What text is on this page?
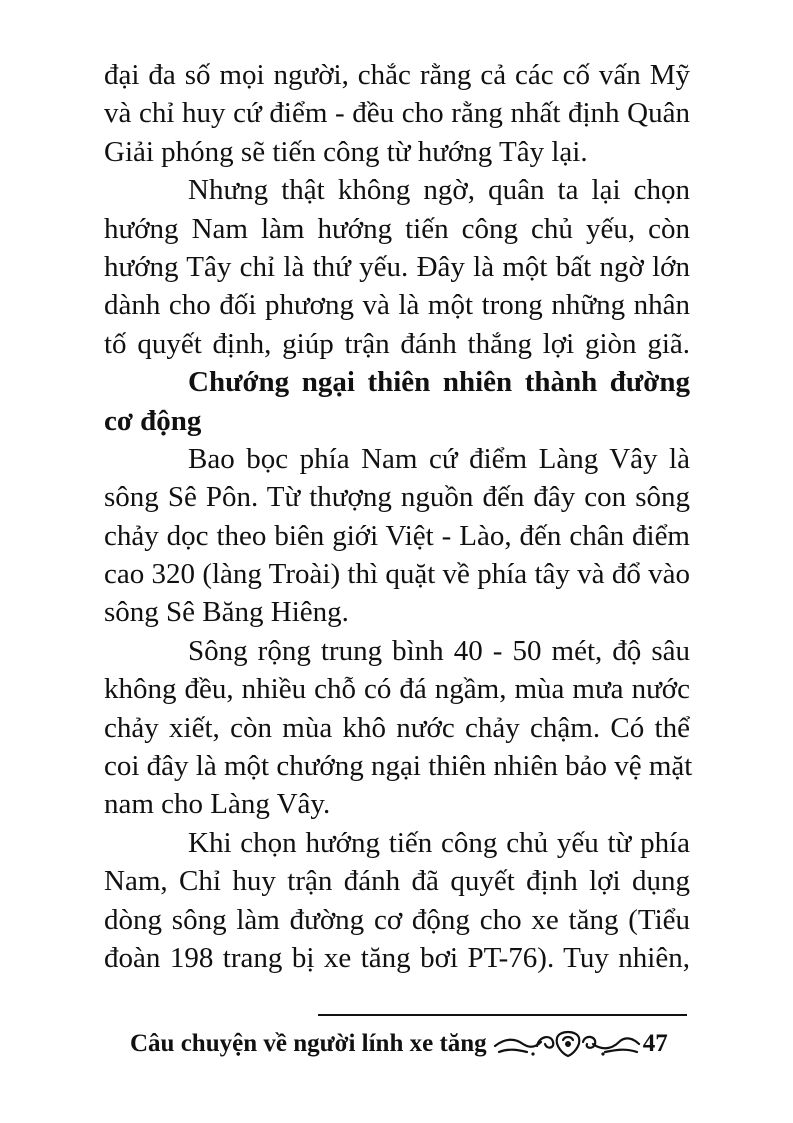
đại đa số mọi người, chắc rằng cả các cố vấn Mỹ
và chỉ huy cứ điểm - đều cho rằng nhất định Quân
Giải phóng sẽ tiến công từ hướng Tây lại.
Nhưng thật không ngờ, quân ta lại chọn
hướng Nam làm hướng tiến công chủ yếu, còn
hướng Tây chỉ là thứ yếu. Đây là một bất ngờ lớn
dành cho đối phương và là một trong những nhân
tố quyết định, giúp trận đánh thắng lợi giòn giã.
Chướng ngại thiên nhiên thành đường
cơ động
Bao bọc phía Nam cứ điểm Làng Vây là
sông Sê Pôn. Từ thượng nguồn đến đây con sông
chảy dọc theo biên giới Việt - Lào, đến chân điểm
cao 320 (làng Troài) thì quặt về phía tây và đổ vào
sông Sê Băng Hiêng.
Sông rộng trung bình 40 - 50 mét, độ sâu
không đều, nhiều chỗ có đá ngầm, mùa mưa nước
chảy xiết, còn mùa khô nước chảy chậm. Có thể
coi đây là một chướng ngại thiên nhiên bảo vệ mặt
nam cho Làng Vây.
Khi chọn hướng tiến công chủ yếu từ phía
Nam, Chỉ huy trận đánh đã quyết định lợi dụng
dòng sông làm đường cơ động cho xe tăng (Tiểu
đoàn 198 trang bị xe tăng bơi PT-76). Tuy nhiên,
Câu chuyện về người lính xe tăng	47
